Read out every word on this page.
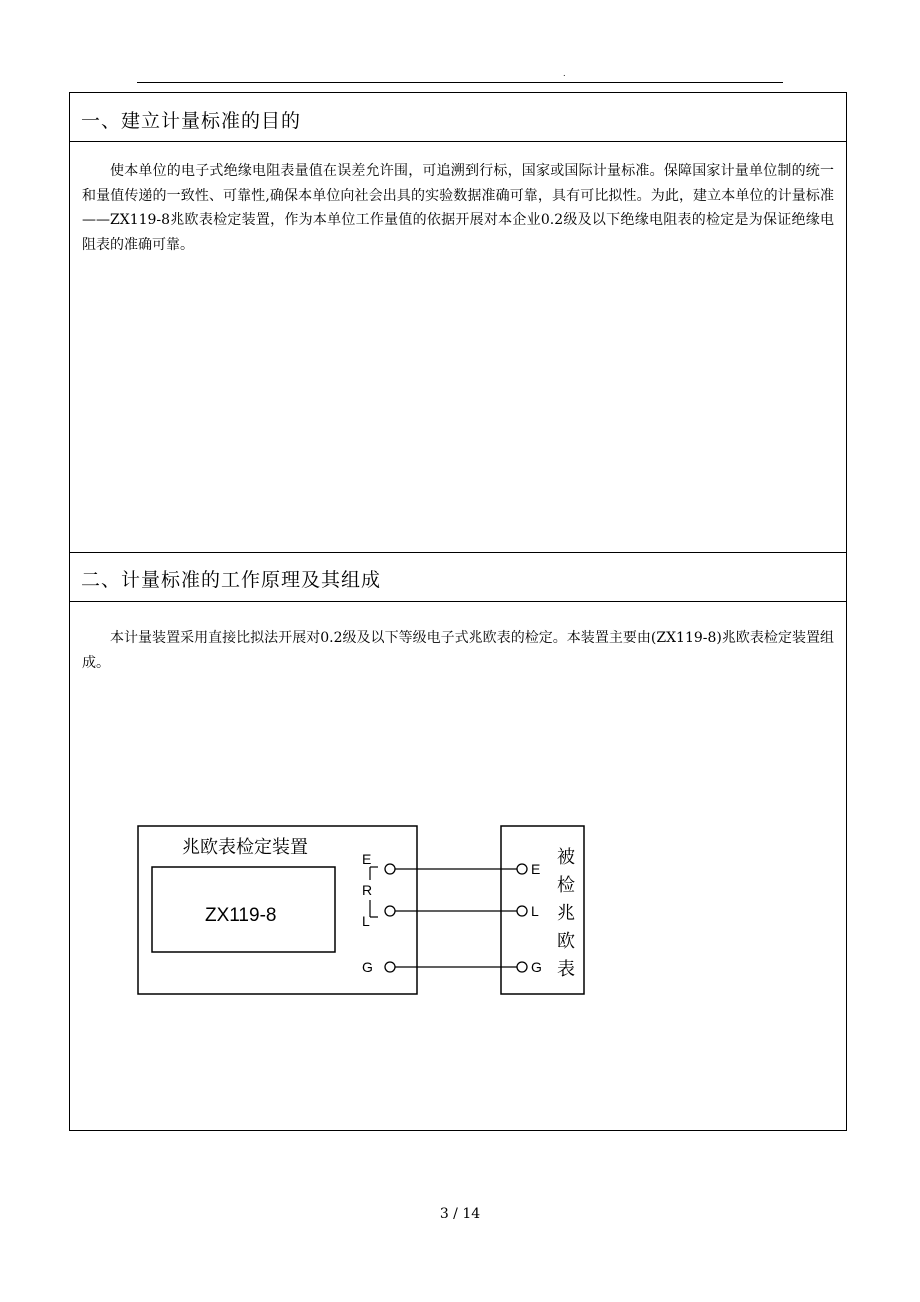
.
一、建立计量标准的目的
使本单位的电子式绝缘电阻表量值在误差允许围，可追溯到行标，国家或国际计量标准。保障国家计量单位制的统一和量值传递的一致性、可靠性,确保本单位向社会出具的实验数据准确可靠，具有可比拟性。为此，建立本单位的计量标准——ZX119-8兆欧表检定装置，作为本单位工作量值的依据开展对本企业0.2级及以下绝缘电阻表的检定是为保证绝缘电阻表的准确可靠。
二、计量标准的工作原理及其组成
本计量装置采用直接比拟法开展对0.2级及以下等级电子式兆欧表的检定。本装置主要由(ZX119-8)兆欧表检定装置组成。
兆欧表检定装置
ZX119-8
E
R
L
G
E
L
G
被
检
兆
欧
表
3 / 14
